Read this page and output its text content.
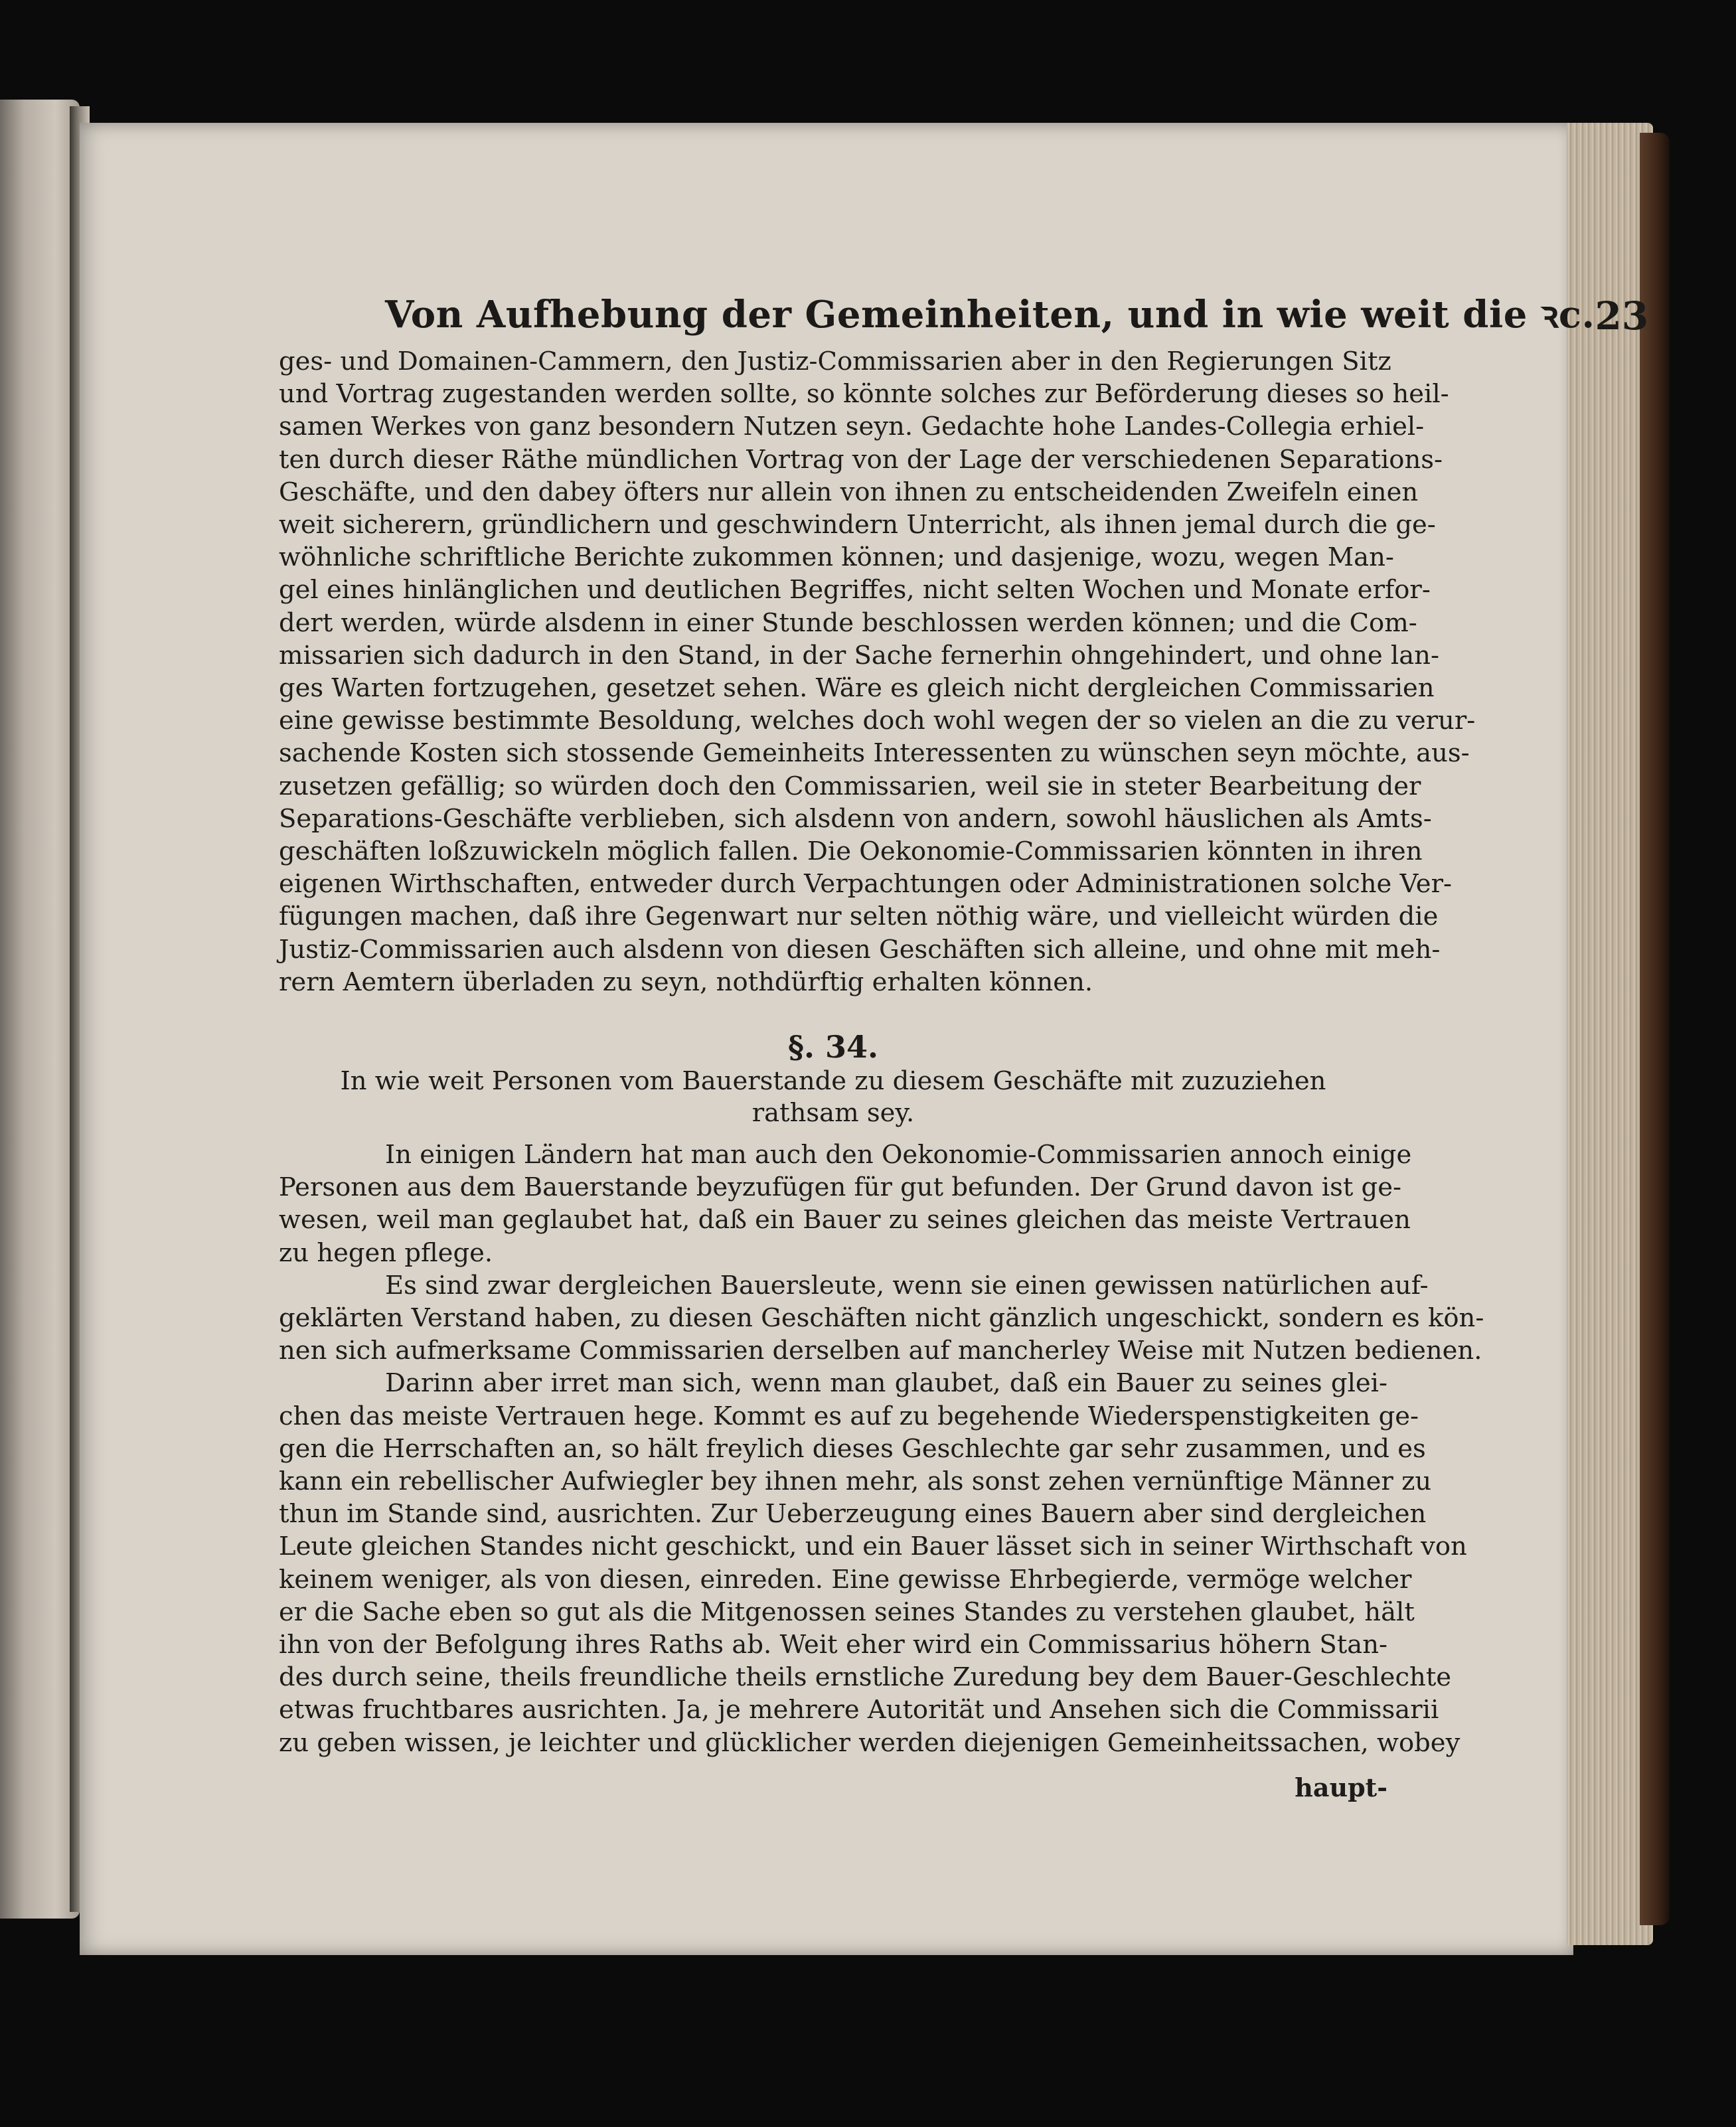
Von Aufhebung der Gemeinheiten, und in wie weit die ꝛc. 23
ges- und Domainen-Cammern, den Justiz-Commissarien aber in den Regierungen Sitz
und Vortrag zugestanden werden sollte, so könnte solches zur Beförderung dieses so heil-
samen Werkes von ganz besondern Nutzen seyn. Gedachte hohe Landes-Collegia erhiel-
ten durch dieser Räthe mündlichen Vortrag von der Lage der verschiedenen Separations-
Geschäfte, und den dabey öfters nur allein von ihnen zu entscheidenden Zweifeln einen
weit sicherern, gründlichern und geschwindern Unterricht, als ihnen jemal durch die ge-
wöhnliche schriftliche Berichte zukommen können; und dasjenige, wozu, wegen Man-
gel eines hinlänglichen und deutlichen Begriffes, nicht selten Wochen und Monate erfor-
dert werden, würde alsdenn in einer Stunde beschlossen werden können; und die Com-
missarien sich dadurch in den Stand, in der Sache fernerhin ohngehindert, und ohne lan-
ges Warten fortzugehen, gesetzet sehen. Wäre es gleich nicht dergleichen Commissarien
eine gewisse bestimmte Besoldung, welches doch wohl wegen der so vielen an die zu verur-
sachende Kosten sich stossende Gemeinheits Interessenten zu wünschen seyn möchte, aus-
zusetzen gefällig; so würden doch den Commissarien, weil sie in steter Bearbeitung der
Separations-Geschäfte verblieben, sich alsdenn von andern, sowohl häuslichen als Amts-
geschäften loßzuwickeln möglich fallen. Die Oekonomie-Commissarien könnten in ihren
eigenen Wirthschaften, entweder durch Verpachtungen oder Administrationen solche Ver-
fügungen machen, daß ihre Gegenwart nur selten nöthig wäre, und vielleicht würden die
Justiz-Commissarien auch alsdenn von diesen Geschäften sich alleine, und ohne mit meh-
rern Aemtern überladen zu seyn, nothdürftig erhalten können.
§. 34.
In wie weit Personen vom Bauerstande zu diesem Geschäfte mit zuzuziehen
rathsam sey.
In einigen Ländern hat man auch den Oekonomie-Commissarien annoch einige
Personen aus dem Bauerstande beyzufügen für gut befunden. Der Grund davon ist ge-
wesen, weil man geglaubet hat, daß ein Bauer zu seines gleichen das meiste Vertrauen
zu hegen pflege.
Es sind zwar dergleichen Bauersleute, wenn sie einen gewissen natürlichen auf-
geklärten Verstand haben, zu diesen Geschäften nicht gänzlich ungeschickt, sondern es kön-
nen sich aufmerksame Commissarien derselben auf mancherley Weise mit Nutzen bedienen.
Darinn aber irret man sich, wenn man glaubet, daß ein Bauer zu seines glei-
chen das meiste Vertrauen hege. Kommt es auf zu begehende Wiederspenstigkeiten ge-
gen die Herrschaften an, so hält freylich dieses Geschlechte gar sehr zusammen, und es
kann ein rebellischer Aufwiegler bey ihnen mehr, als sonst zehen vernünftige Männer zu
thun im Stande sind, ausrichten. Zur Ueberzeugung eines Bauern aber sind dergleichen
Leute gleichen Standes nicht geschickt, und ein Bauer lässet sich in seiner Wirthschaft von
keinem weniger, als von diesen, einreden. Eine gewisse Ehrbegierde, vermöge welcher
er die Sache eben so gut als die Mitgenossen seines Standes zu verstehen glaubet, hält
ihn von der Befolgung ihres Raths ab. Weit eher wird ein Commissarius höhern Stan-
des durch seine, theils freundliche theils ernstliche Zuredung bey dem Bauer-Geschlechte
etwas fruchtbares ausrichten. Ja, je mehrere Autorität und Ansehen sich die Commissarii
zu geben wissen, je leichter und glücklicher werden diejenigen Gemeinheitssachen, wobey
haupt-
